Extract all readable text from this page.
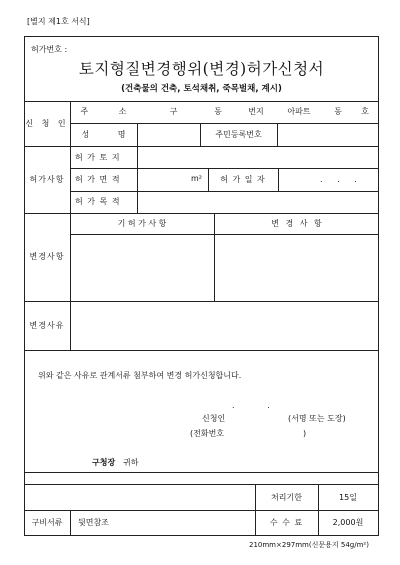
[별지 제1호 서식]
허가번호 :
토지형질변경행위(변경)허가신청서
(건축물의 건축, 토석채취, 죽목벌채, 계시)
신 청 인
주 소	구	동	번지	아파트	동	호
성 명	주민등록번호
허가사항
허 가 토 지
허 가 면 적	m²	허 가 일 자	. . .
허 가 목 적
변경사항
기 허 가 사 항	변 경 사 항
변경사유
위와 같은 사유로 관계서류 첨부하여 변경 허가신청합니다.
. .
신청인	(서명 또는 도장)
(전화번호	)
구청장 귀하
처리기한	15일
구비서류	뒷면참조	수 수 료	2,000원
210mm×297mm(신문용지 54g/m²)
